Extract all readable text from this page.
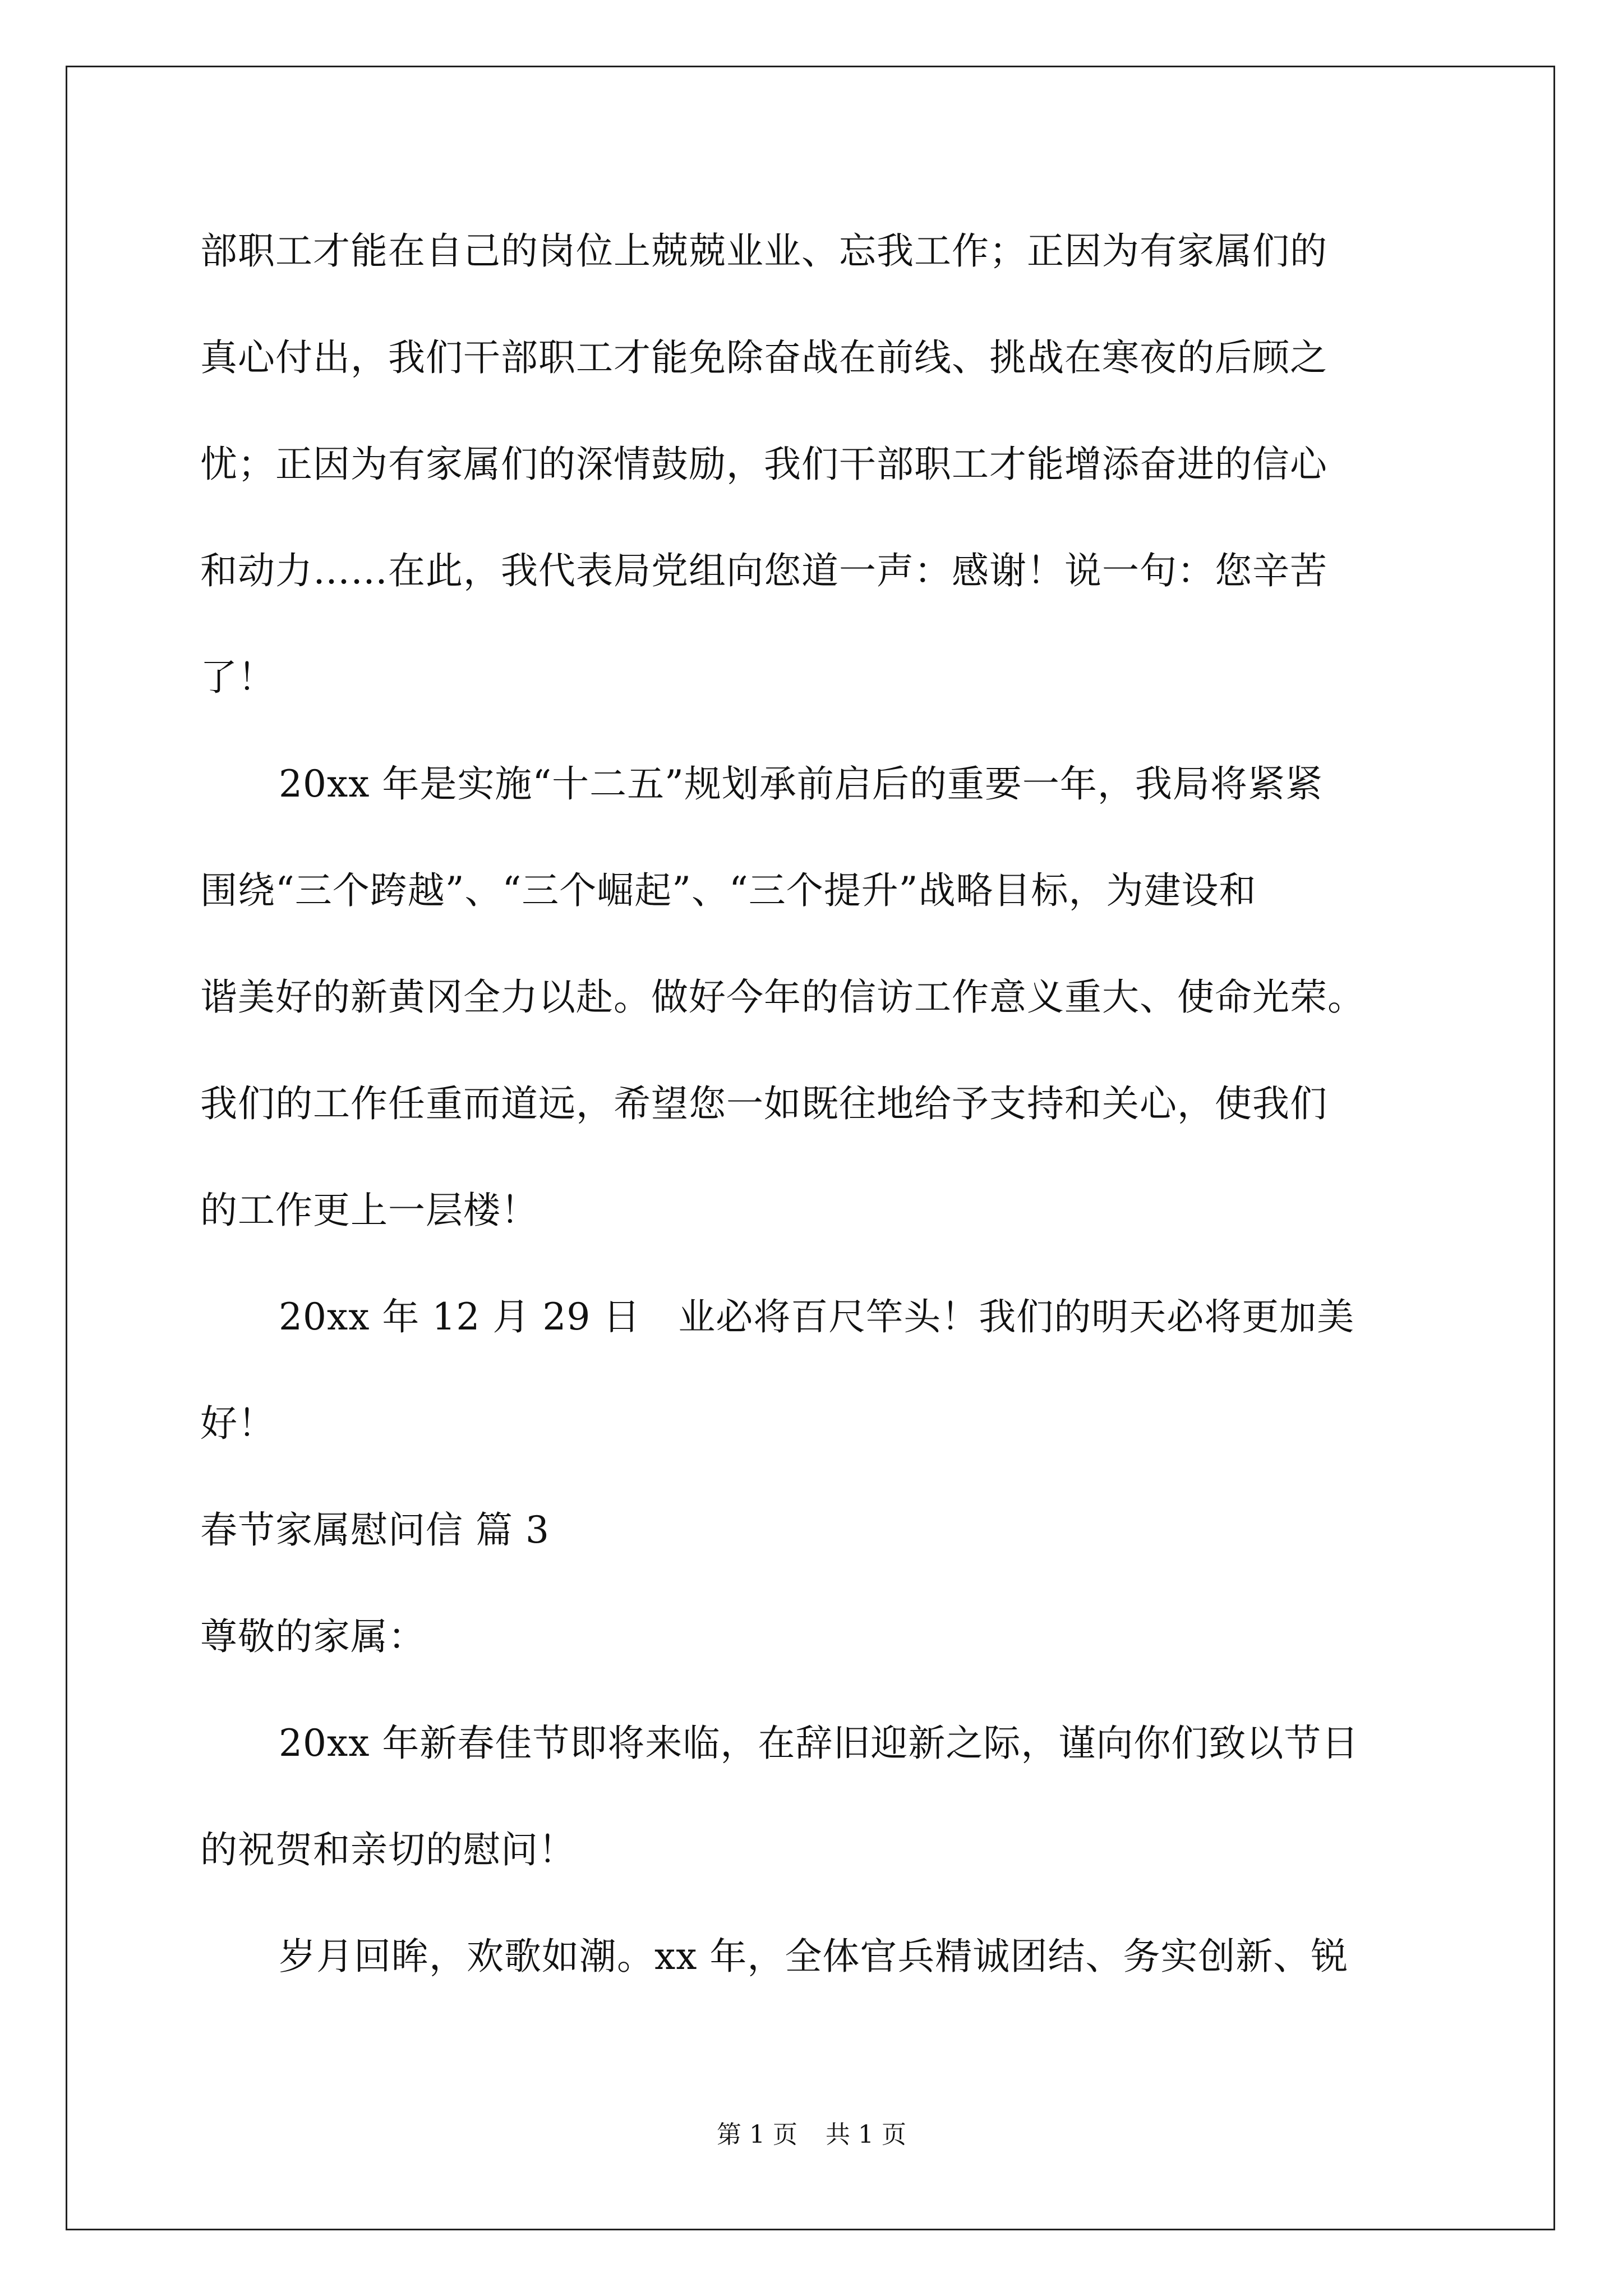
部职工才能在自己的岗位上兢兢业业、忘我工作；正因为有家属们的
真心付出，我们干部职工才能免除奋战在前线、挑战在寒夜的后顾之
忧；正因为有家属们的深情鼓励，我们干部职工才能增添奋进的信心
和动力……在此，我代表局党组向您道一声：感谢！说一句：您辛苦
了！
20xx 年是实施“十二五”规划承前启后的重要一年，我局将紧紧
围绕“三个跨越”、“三个崛起”、“三个提升”战略目标，为建设和
谐美好的新黄冈全力以赴。做好今年的信访工作意义重大、使命光荣。
我们的工作任重而道远，希望您一如既往地给予支持和关心，使我们
的工作更上一层楼！
20xx 年 12 月 29 日　业必将百尺竿头！我们的明天必将更加美
好！
春节家属慰问信 篇 3
尊敬的家属：
20xx 年新春佳节即将来临，在辞旧迎新之际，谨向你们致以节日
的祝贺和亲切的慰问！
岁月回眸，欢歌如潮。xx 年，全体官兵精诚团结、务实创新、锐
第 1 页 共 1 页
